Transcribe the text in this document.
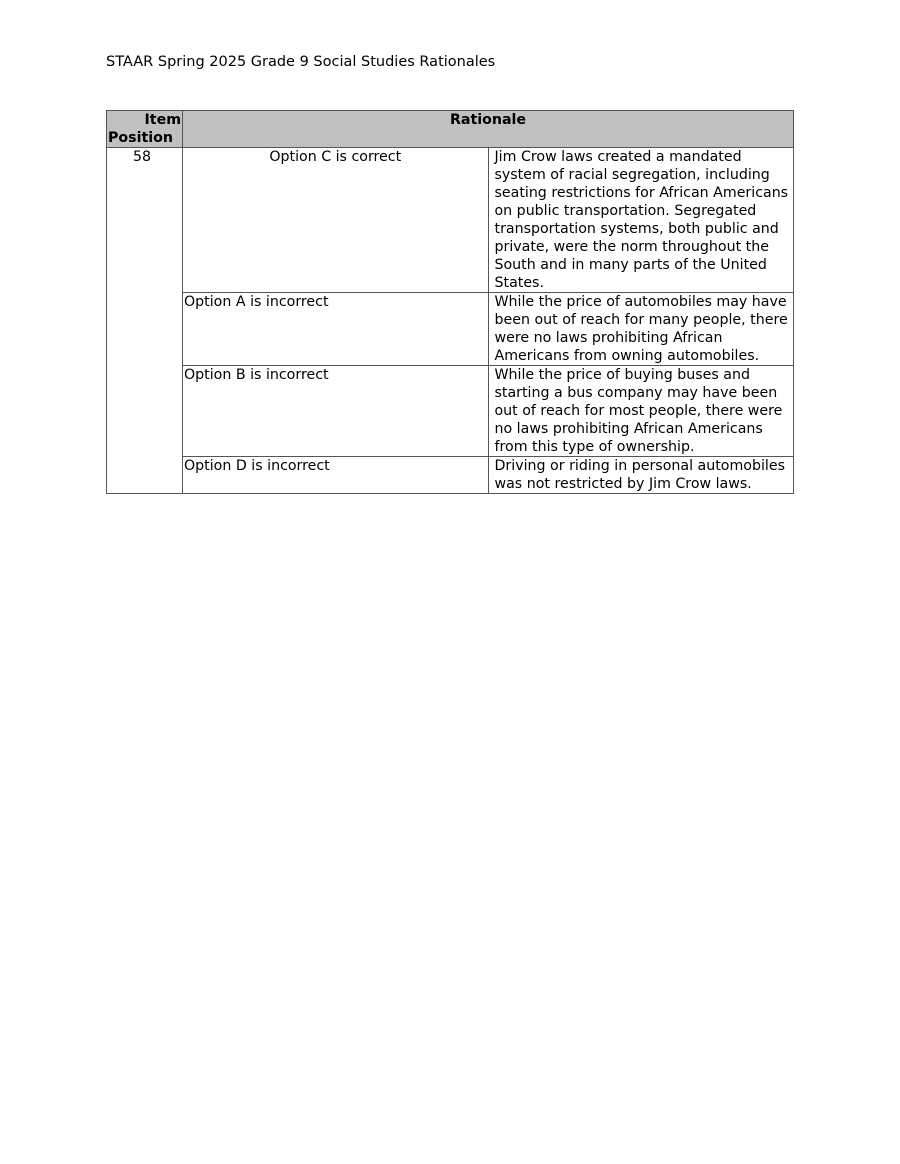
STAAR Spring 2025 Grade 9 Social Studies Rationales
Item
Position	Rationale	
58	Option C is correct	Jim Crow laws created a mandated system of racial segregation, including seating restrictions for African Americans on public transportation. Segregated transportation systems, both public and private, were the norm throughout the South and in many parts of the United States.
	Option A is incorrect	While the price of automobiles may have been out of reach for many people, there were no laws prohibiting African Americans from owning automobiles.
	Option B is incorrect	While the price of buying buses and starting a bus company may have been out of reach for most people, there were no laws prohibiting African Americans from this type of ownership.
	Option D is incorrect	Driving or riding in personal automobiles was not restricted by Jim Crow laws.
